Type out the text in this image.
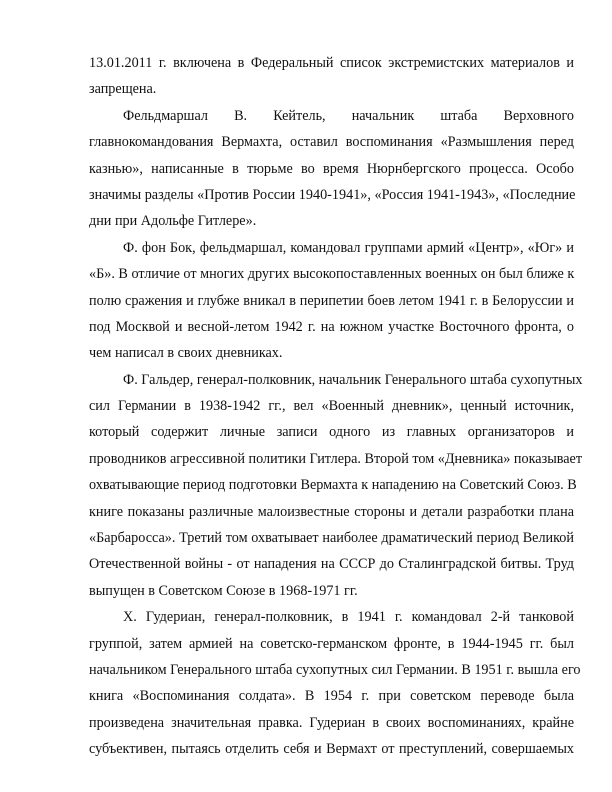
13.01.2011 г. включена в Федеральный список экстремистских материалов и
запрещена.

Фельдмаршал В. Кейтель, начальник штаба Верховного
главнокомандования Вермахта, оставил воспоминания «Размышления перед
казнью», написанные в тюрьме во время Нюрнбергского процесса. Особо
значимы разделы «Против России 1940-1941», «Россия 1941-1943», «Последние
дни при Адольфе Гитлере».

Ф. фон Бок, фельдмаршал, командовал группами армий «Центр», «Юг» и
«Б». В отличие от многих других высокопоставленных военных он был ближе к
полю сражения и глубже вникал в перипетии боев летом 1941 г. в Белоруссии и
под Москвой и весной-летом 1942 г. на южном участке Восточного фронта, о
чем написал в своих дневниках.

Ф. Гальдер, генерал-полковник, начальник Генерального штаба сухопутных
сил Германии в 1938-1942 гг., вел «Военный дневник», ценный источник,
который содержит личные записи одного из главных организаторов и
проводников агрессивной политики Гитлера. Второй том «Дневника» показывает
охватывающие период подготовки Вермахта к нападению на Советский Союз. В
книге показаны различные малоизвестные стороны и детали разработки плана
«Барбаросса». Третий том охватывает наиболее драматический период Великой
Отечественной войны - от нападения на СССР до Сталинградской битвы. Труд
выпущен в Советском Союзе в 1968-1971 гг.

Х. Гудериан, генерал-полковник, в 1941 г. командовал 2-й танковой
группой, затем армией на советско-германском фронте, в 1944-1945 гг. был
начальником Генерального штаба сухопутных сил Германии. В 1951 г. вышла его
книга «Воспоминания солдата». В 1954 г. при советском переводе была
произведена значительная правка. Гудериан в своих воспоминаниях, крайне
субъективен, пытаясь отделить себя и Вермахт от преступлений, совершаемых
